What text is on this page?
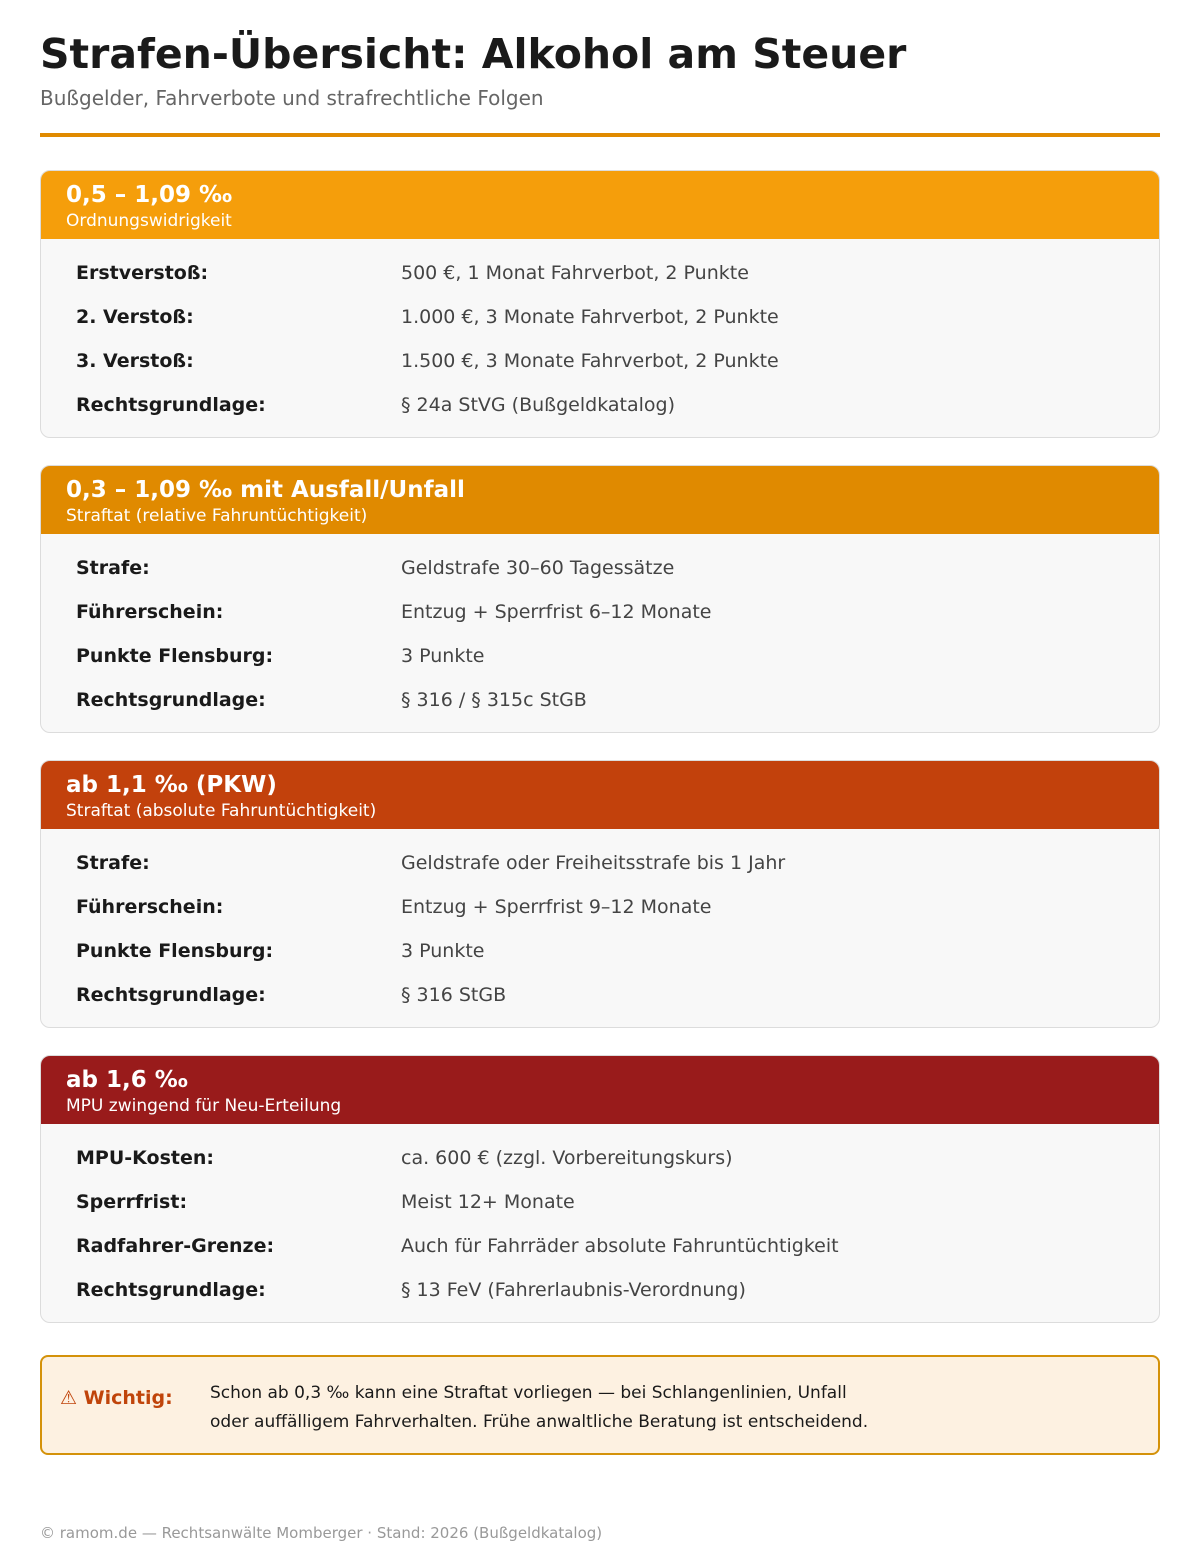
Strafen-Übersicht: Alkohol am Steuer
Bußgelder, Fahrverbote und strafrechtliche Folgen
0,5 – 1,09 ‰
Ordnungswidrigkeit
Erstverstoß:	500 €, 1 Monat Fahrverbot, 2 Punkte
2. Verstoß:	1.000 €, 3 Monate Fahrverbot, 2 Punkte
3. Verstoß:	1.500 €, 3 Monate Fahrverbot, 2 Punkte
Rechtsgrundlage:	§ 24a StVG (Bußgeldkatalog)
0,3 – 1,09 ‰ mit Ausfall/Unfall
Straftat (relative Fahruntüchtigkeit)
Strafe:	Geldstrafe 30–60 Tagessätze
Führerschein:	Entzug + Sperrfrist 6–12 Monate
Punkte Flensburg:	3 Punkte
Rechtsgrundlage:	§ 316 / § 315c StGB
ab 1,1 ‰ (PKW)
Straftat (absolute Fahruntüchtigkeit)
Strafe:	Geldstrafe oder Freiheitsstrafe bis 1 Jahr
Führerschein:	Entzug + Sperrfrist 9–12 Monate
Punkte Flensburg:	3 Punkte
Rechtsgrundlage:	§ 316 StGB
ab 1,6 ‰
MPU zwingend für Neu-Erteilung
MPU-Kosten:	ca. 600 € (zzgl. Vorbereitungskurs)
Sperrfrist:	Meist 12+ Monate
Radfahrer-Grenze:	Auch für Fahrräder absolute Fahruntüchtigkeit
Rechtsgrundlage:	§ 13 FeV (Fahrerlaubnis-Verordnung)
⚠ Wichtig: Schon ab 0,3 ‰ kann eine Straftat vorliegen — bei Schlangenlinien, Unfall
oder auffälligem Fahrverhalten. Frühe anwaltliche Beratung ist entscheidend.
© ramom.de — Rechtsanwälte Momberger · Stand: 2026 (Bußgeldkatalog)
